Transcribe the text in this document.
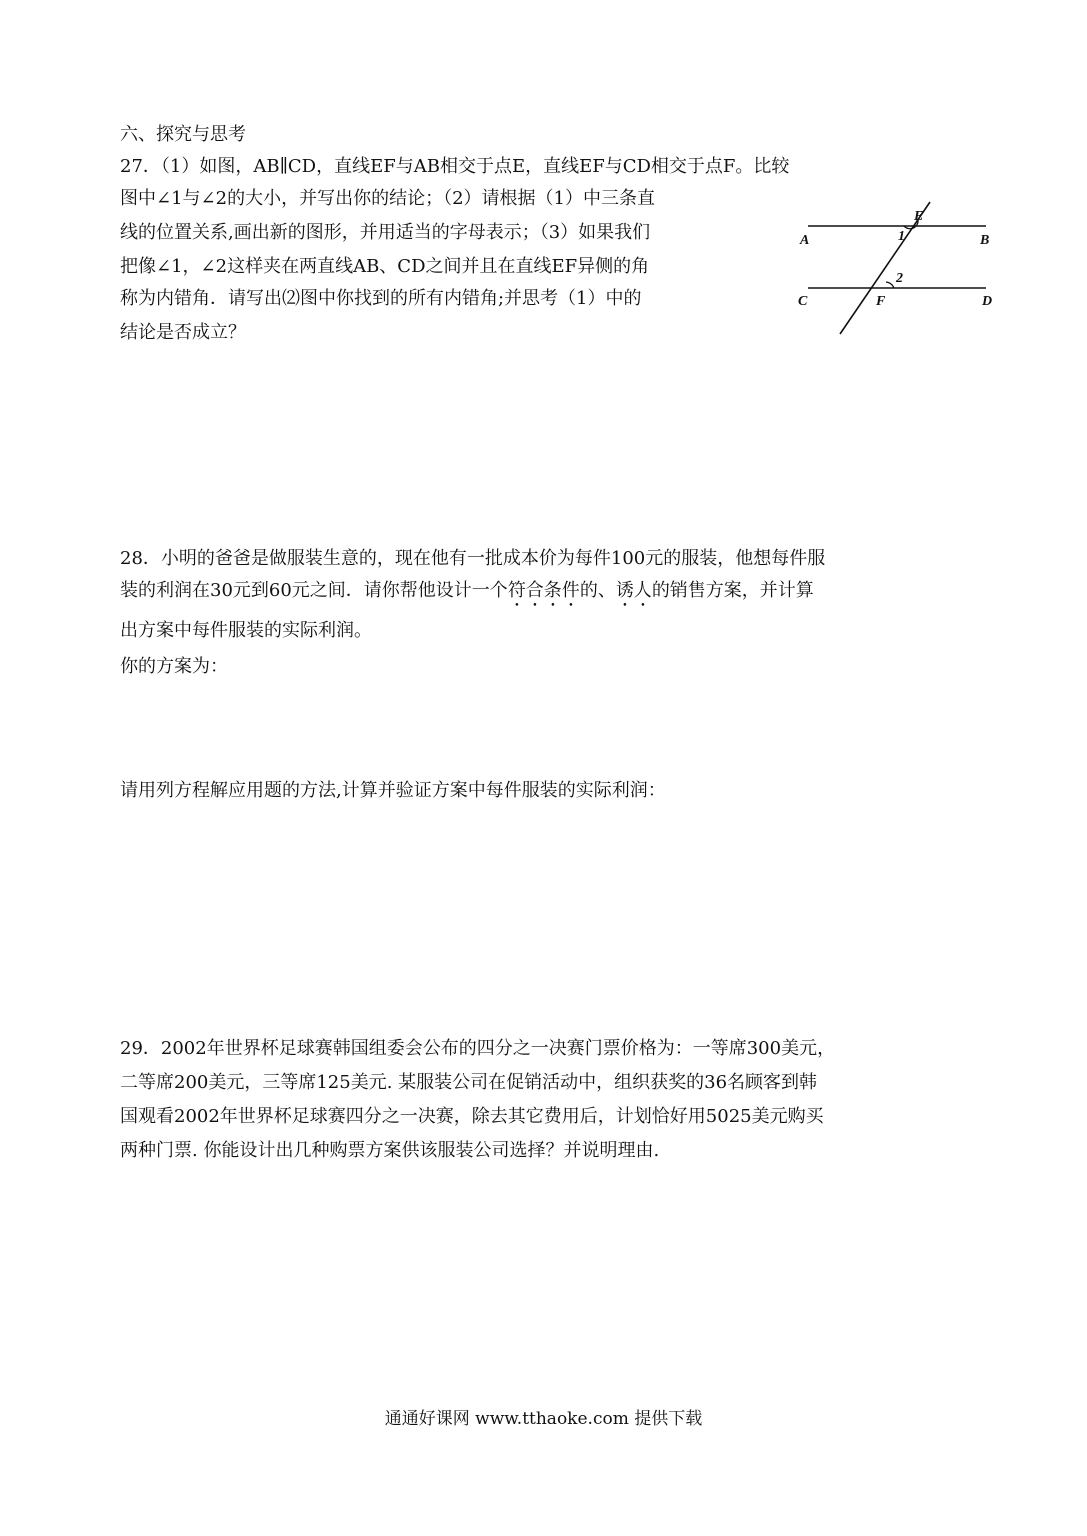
六、探究与思考
27．（1）如图，AB∥CD，直线EF与AB相交于点E，直线EF与CD相交于点F。比较
图中∠1与∠2的大小，并写出你的结论；（2）请根据（1）中三条直
线的位置关系,画出新的图形，并用适当的字母表示；（3）如果我们
把像∠1，∠2这样夹在两直线AB、CD之间并且在直线EF异侧的角
称为内错角．请写出⑵图中你找到的所有内错角;并思考（1）中的
结论是否成立？
A	B
C	D
E
F
1
2
28．小明的爸爸是做服装生意的，现在他有一批成本价为每件100元的服装，他想每件服
装的利润在30元到60元之间．请你帮他设计一个符合条件的、诱人的销售方案，并计算
出方案中每件服装的实际利润。
你的方案为：
请用列方程解应用题的方法,计算并验证方案中每件服装的实际利润：
29．2002年世界杯足球赛韩国组委会公布的四分之一决赛门票价格为：一等席300美元，
二等席200美元，三等席125美元. 某服装公司在促销活动中，组织获奖的36名顾客到韩
国观看2002年世界杯足球赛四分之一决赛，除去其它费用后，计划恰好用5025美元购买
两种门票. 你能设计出几种购票方案供该服装公司选择？并说明理由.
通通好课网 www.tthaoke.com 提供下载
